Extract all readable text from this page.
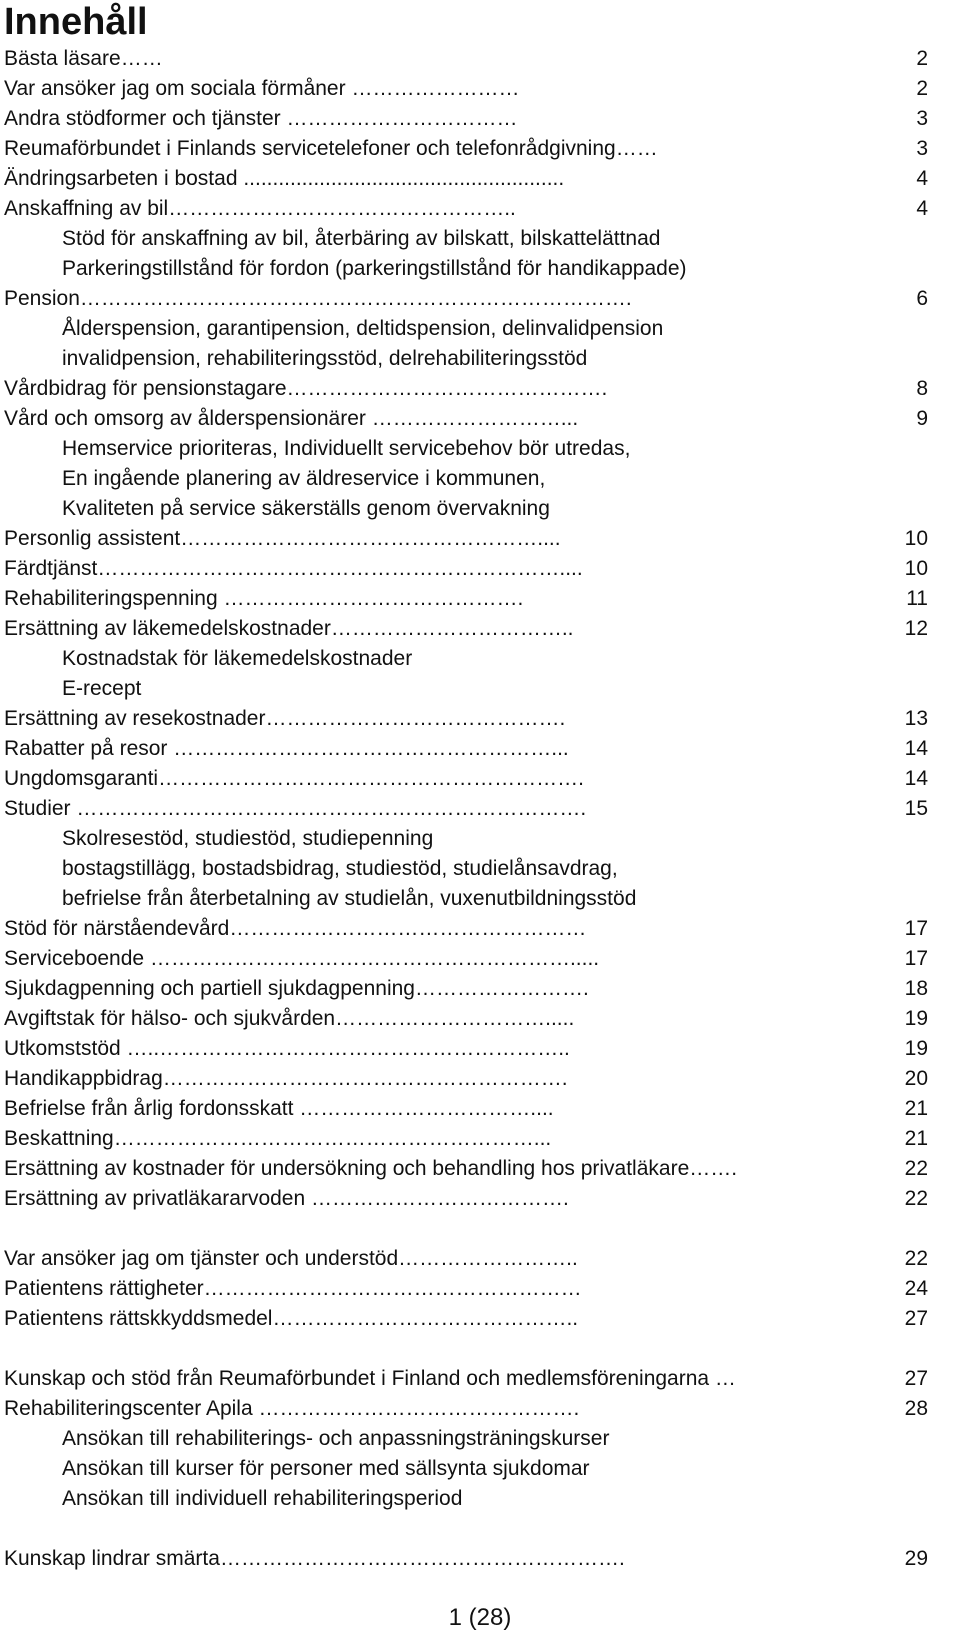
Innehåll
Bästa läsare……	2
Var ansöker jag om sociala förmåner ……………………	2
Andra stödformer och tjänster ……………………………	3
Reumaförbundet i Finlands servicetelefoner och telefonrådgivning……	3
Ändringsarbeten i bostad .......................................................	4
Anskaffning av bil…………………………………………..	4
Stöd för anskaffning av bil, återbäring av bilskatt, bilskattelättnad
Parkeringstillstånd för fordon (parkeringstillstånd för handikappade)
Pension…………………………………………………………………….	6
Ålderspension, garantipension, deltidspension, delinvalidpension
invalidpension, rehabiliteringsstöd, delrehabiliteringsstöd
Vårdbidrag för pensionstagare……………………………………….	8
Vård och omsorg av ålderspensionärer ………………………...	9
Hemservice prioriteras, Individuellt servicebehov bör utredas,
En ingående planering av äldreservice i kommunen,
Kvaliteten på service säkerställs genom övervakning
Personlig assistent……………………………………………....	10
Färdtjänst…………………………………………………………....	10
Rehabiliteringspenning …………………………………….	11
Ersättning av läkemedelskostnader……………………………..	12
Kostnadstak för läkemedelskostnader
E-recept
Ersättning av resekostnader…………………………………….	13
Rabatter på resor ………………………………………………...	14
Ungdomsgaranti…………………………………………………….	14
Studier ……………………………………………………………….	15
Skolresestöd, studiestöd, studiepenning
bostagstillägg, bostadsbidrag, studiestöd, studielånsavdrag,
befrielse från återbetalning av studielån, vuxenutbildningsstöd
Stöd för närståendevård……………………………………………	17
Serviceboende …………………………………………………….....	17
Sjukdagpenning och partiell sjukdagpenning…………………….	18
Avgiftstak för hälso- och sjukvården………………………….....	19
Utkomststöd …..…………………………………………………..	19
Handikappbidrag………………………………………………….	20
Befrielse från årlig fordonsskatt ……………………………....	21
Beskattning……………………………………………………...	21
Ersättning av kostnader för undersökning och behandling hos privatläkare…….	22
Ersättning av privatläkararvoden ……………………………….	22
Var ansöker jag om tjänster och understöd……………………..	22
Patientens rättigheter………………………………………………	24
Patientens rättskkyddsmedel……………………………………..	27
Kunskap och stöd från Reumaförbundet i Finland och medlemsföreningarna …	27
Rehabiliteringscenter Apila ……………………………………….	28
Ansökan till rehabiliterings- och anpassningsträningskurser
Ansökan till kurser för personer med sällsynta sjukdomar
Ansökan till individuell rehabiliteringsperiod
Kunskap lindrar smärta………………………………………………….	29
1 (28)
